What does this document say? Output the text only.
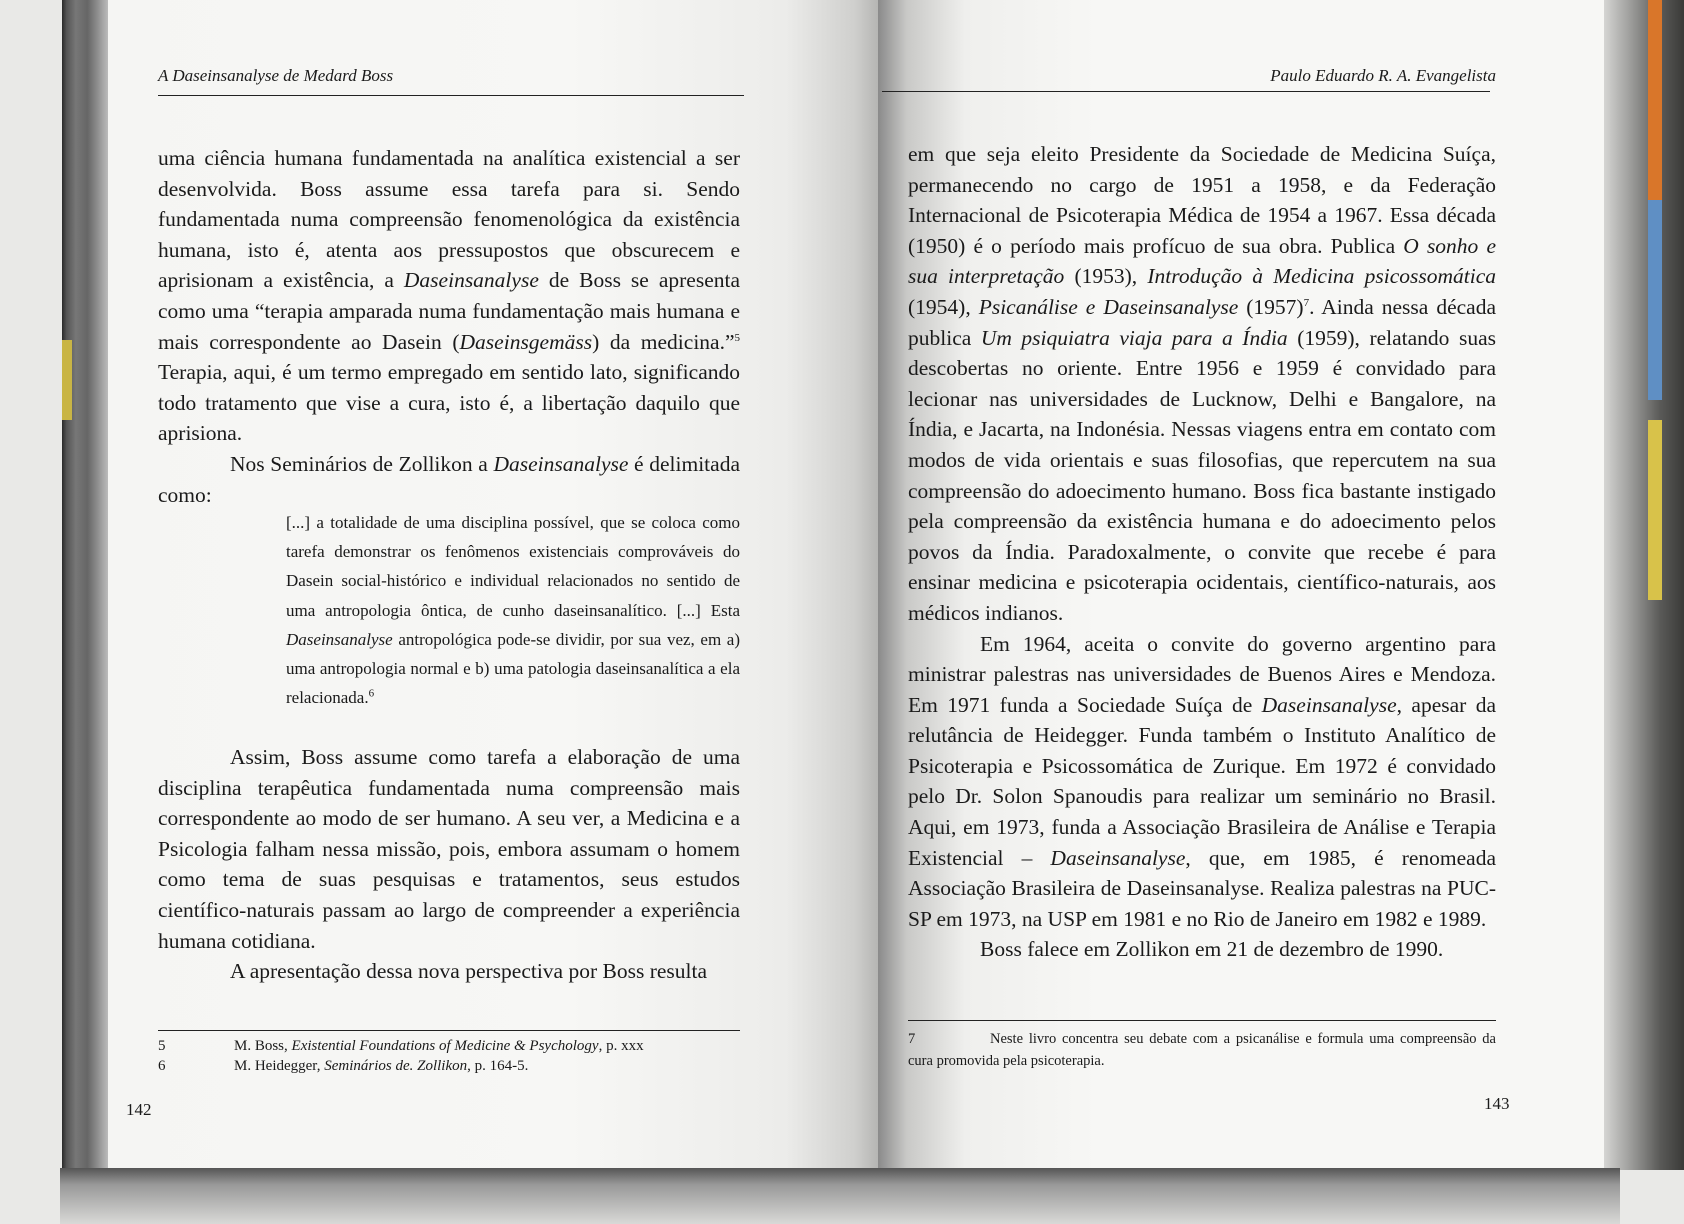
A Daseinsanalyse de Medard Boss

uma ciência humana fundamentada na analítica existencial a ser desenvolvida. Boss assume essa tarefa para si. Sendo fundamentada numa compreensão fenomenológica da existência humana, isto é, atenta aos pressupostos que obscurecem e aprisionam a existência, a Daseinsanalyse de Boss se apresenta como uma “terapia amparada numa fundamentação mais humana e mais correspondente ao Dasein (Daseinsgemäss) da medicina.”$^5$ Terapia, aqui, é um termo empregado em sentido lato, significando todo tratamento que vise a cura, isto é, a libertação daquilo que aprisiona.

Nos Seminários de Zollikon a Daseinsanalyse é delimitada como:

[...] a totalidade de uma disciplina possível, que se coloca como tarefa demonstrar os fenômenos existenciais comprováveis do Dasein social-histórico e individual relacionados no sentido de uma antropologia ôntica, de cunho daseinsanalítico. [...] Esta Daseinsanalyse antropológica pode-se dividir, por sua vez, em a) uma antropologia normal e b) uma patologia daseinsanalítica a ela relacionada.$^6$

Assim, Boss assume como tarefa a elaboração de uma disciplina terapêutica fundamentada numa compreensão mais correspondente ao modo de ser humano. A seu ver, a Medicina e a Psicologia falham nessa missão, pois, embora assumam o homem como tema de suas pesquisas e tratamentos, seus estudos científico-naturais passam ao largo de compreender a experiência humana cotidiana.

A apresentação dessa nova perspectiva por Boss resulta

5	M. Boss, Existential Foundations of Medicine & Psychology, p. xxx
6	M. Heidegger, Seminários de. Zollikon, p. 164-5.
142
Paulo Eduardo R. A. Evangelista

em que seja eleito Presidente da Sociedade de Medicina Suíça, permanecendo no cargo de 1951 a 1958, e da Federação Internacional de Psicoterapia Médica de 1954 a 1967. Essa década (1950) é o período mais profícuo de sua obra. Publica O sonho e sua interpretação (1953), Introdução à Medicina psicossomática (1954), Psicanálise e Daseinsanalyse $(1957)^7$. Ainda nessa década publica Um psiquiatra viaja para a Índia (1959), relatando suas descobertas no oriente. Entre 1956 e 1959 é convidado para lecionar nas universidades de Lucknow, Delhi e Bangalore, na Índia, e Jacarta, na Indonésia. Nessas viagens entra em contato com modos de vida orientais e suas filosofias, que repercutem na sua compreensão do adoecimento humano. Boss fica bastante instigado pela compreensão da existência humana e do adoecimento pelos povos da Índia. Paradoxalmente, o convite que recebe é para ensinar medicina e psicoterapia ocidentais, científico-naturais, aos médicos indianos.

Em 1964, aceita o convite do governo argentino para ministrar palestras nas universidades de Buenos Aires e Mendoza. Em 1971 funda a Sociedade Suíça de Daseinsanalyse, apesar da relutância de Heidegger. Funda também o Instituto Analítico de Psicoterapia e Psicossomática de Zurique. Em 1972 é convidado pelo Dr. Solon Spanoudis para realizar um seminário no Brasil. Aqui, em 1973, funda a Associação Brasileira de Análise e Terapia Existencial – Daseinsanalyse, que, em 1985, é renomeada Associação Brasileira de Daseinsanalyse. Realiza palestras na PUC-SP em 1973, na USP em 1981 e no Rio de Janeiro em 1982 e 1989.

Boss falece em Zollikon em 21 de dezembro de 1990.

7	Neste livro concentra seu debate com a psicanálise e formula uma compreensão da cura promovida pela psicoterapia.
143
